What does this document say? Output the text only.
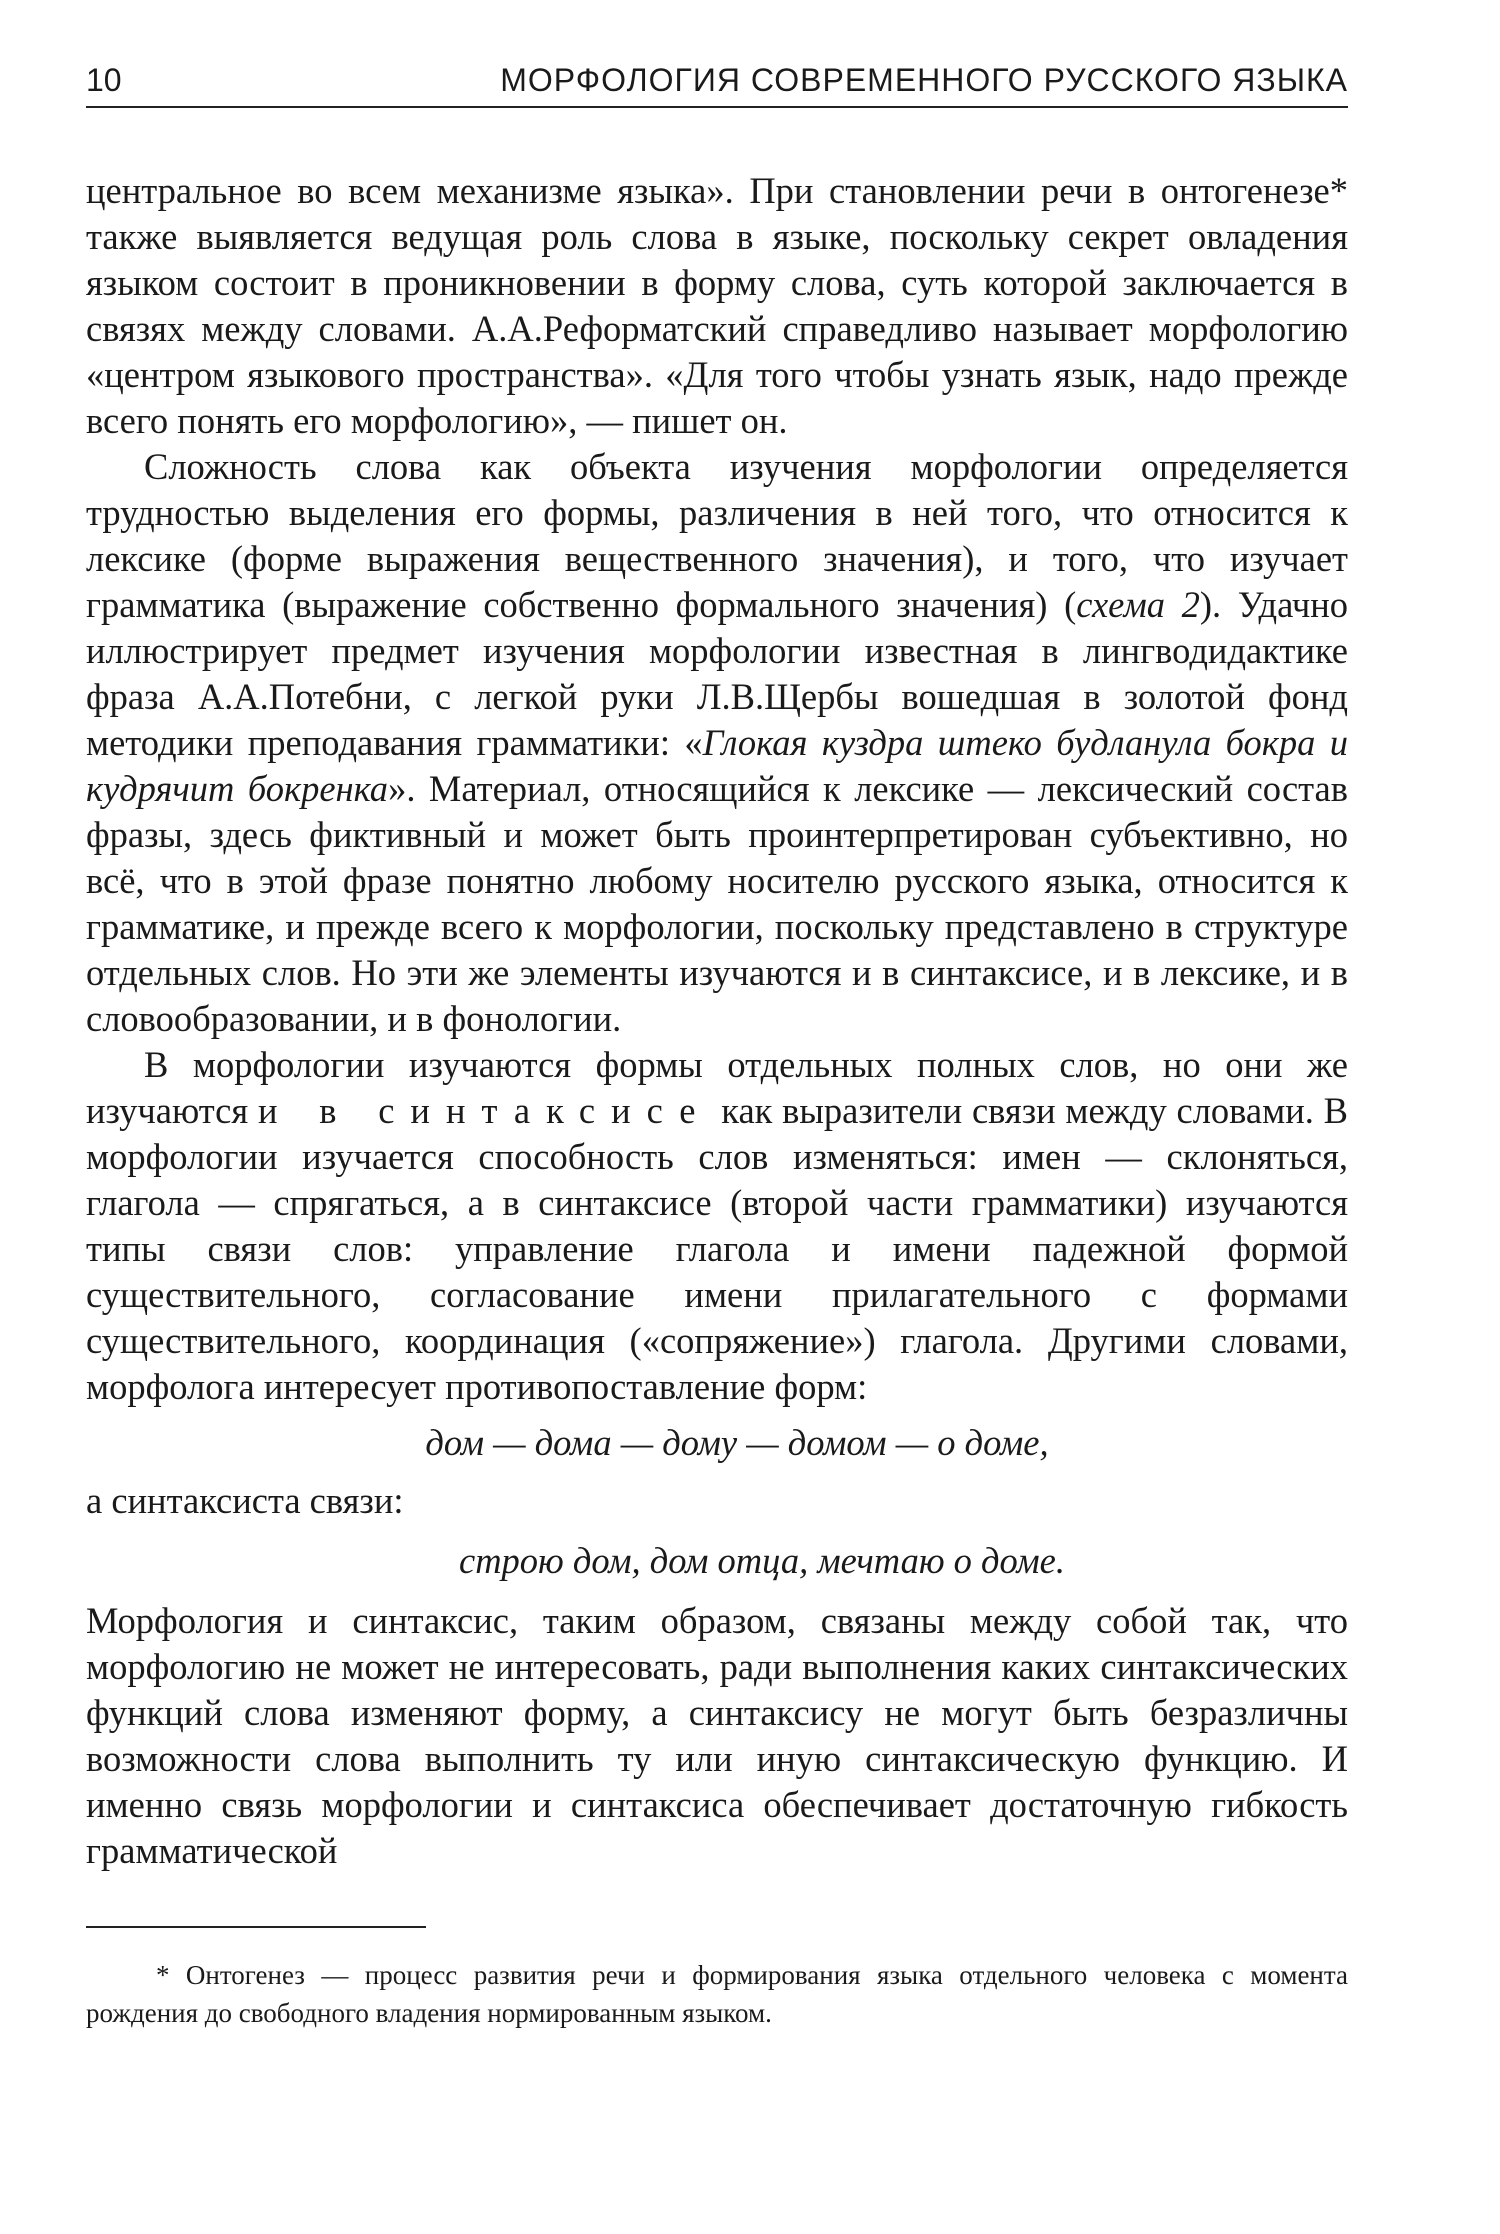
10	МОРФОЛОГИЯ СОВРЕМЕННОГО РУССКОГО ЯЗЫКА

центральное во всем механизме языка». При становлении речи в онтогенезе* также выявляется ведущая роль слова в языке, поскольку секрет овладения языком состоит в проникновении в форму слова, суть которой заключается в связях между словами. А.А.Реформатский справедливо называет морфологию «центром языкового пространства». «Для того чтобы узнать язык, надо прежде всего понять его морфологию», — пишет он.

Сложность слова как объекта изучения морфологии определяется трудностью выделения его формы, различения в ней того, что относится к лексике (форме выражения вещественного значения), и того, что изучает грамматика (выражение собственно формального значения) (схема 2). Удачно иллюстрирует предмет изучения морфологии известная в лингводидактике фраза А.А.Потебни, с легкой руки Л.В.Щербы вошедшая в золотой фонд методики преподавания грамматики: «Глокая куздра штеко будланула бокра и кудрячит бокренка». Материал, относящийся к лексике — лексический состав фразы, здесь фиктивный и может быть проинтерпретирован субъективно, но всё, что в этой фразе понятно любому носителю русского языка, относится к грамматике, и прежде всего к морфологии, поскольку представлено в структуре отдельных слов. Но эти же элементы изучаются и в синтаксисе, и в лексике, и в словообразовании, и в фонологии.

В морфологии изучаются формы отдельных полных слов, но они же изучаются и в синтаксисе как выразители связи между словами. В морфологии изучается способность слов изменяться: имен — склоняться, глагола — спрягаться, а в синтаксисе (второй части грамматики) изучаются типы связи слов: управление глагола и имени падежной формой существительного, согласование имени прилагательного с формами существительного, координация («сопряжение») глагола. Другими словами, морфолога интересует противопоставление форм:

дом — дома — дому — домом — о доме,

а синтаксиста связи:

строю дом, дом отца, мечтаю о доме.

Морфология и синтаксис, таким образом, связаны между собой так, что морфологию не может не интересовать, ради выполнения каких синтаксических функций слова изменяют форму, а синтаксису не могут быть безразличны возможности слова выполнить ту или иную синтаксическую функцию. И именно связь морфологии и синтаксиса обеспечивает достаточную гибкость грамматической

* Онтогенез — процесс развития речи и формирования языка отдельного человека с момента рождения до свободного владения нормированным языком.
